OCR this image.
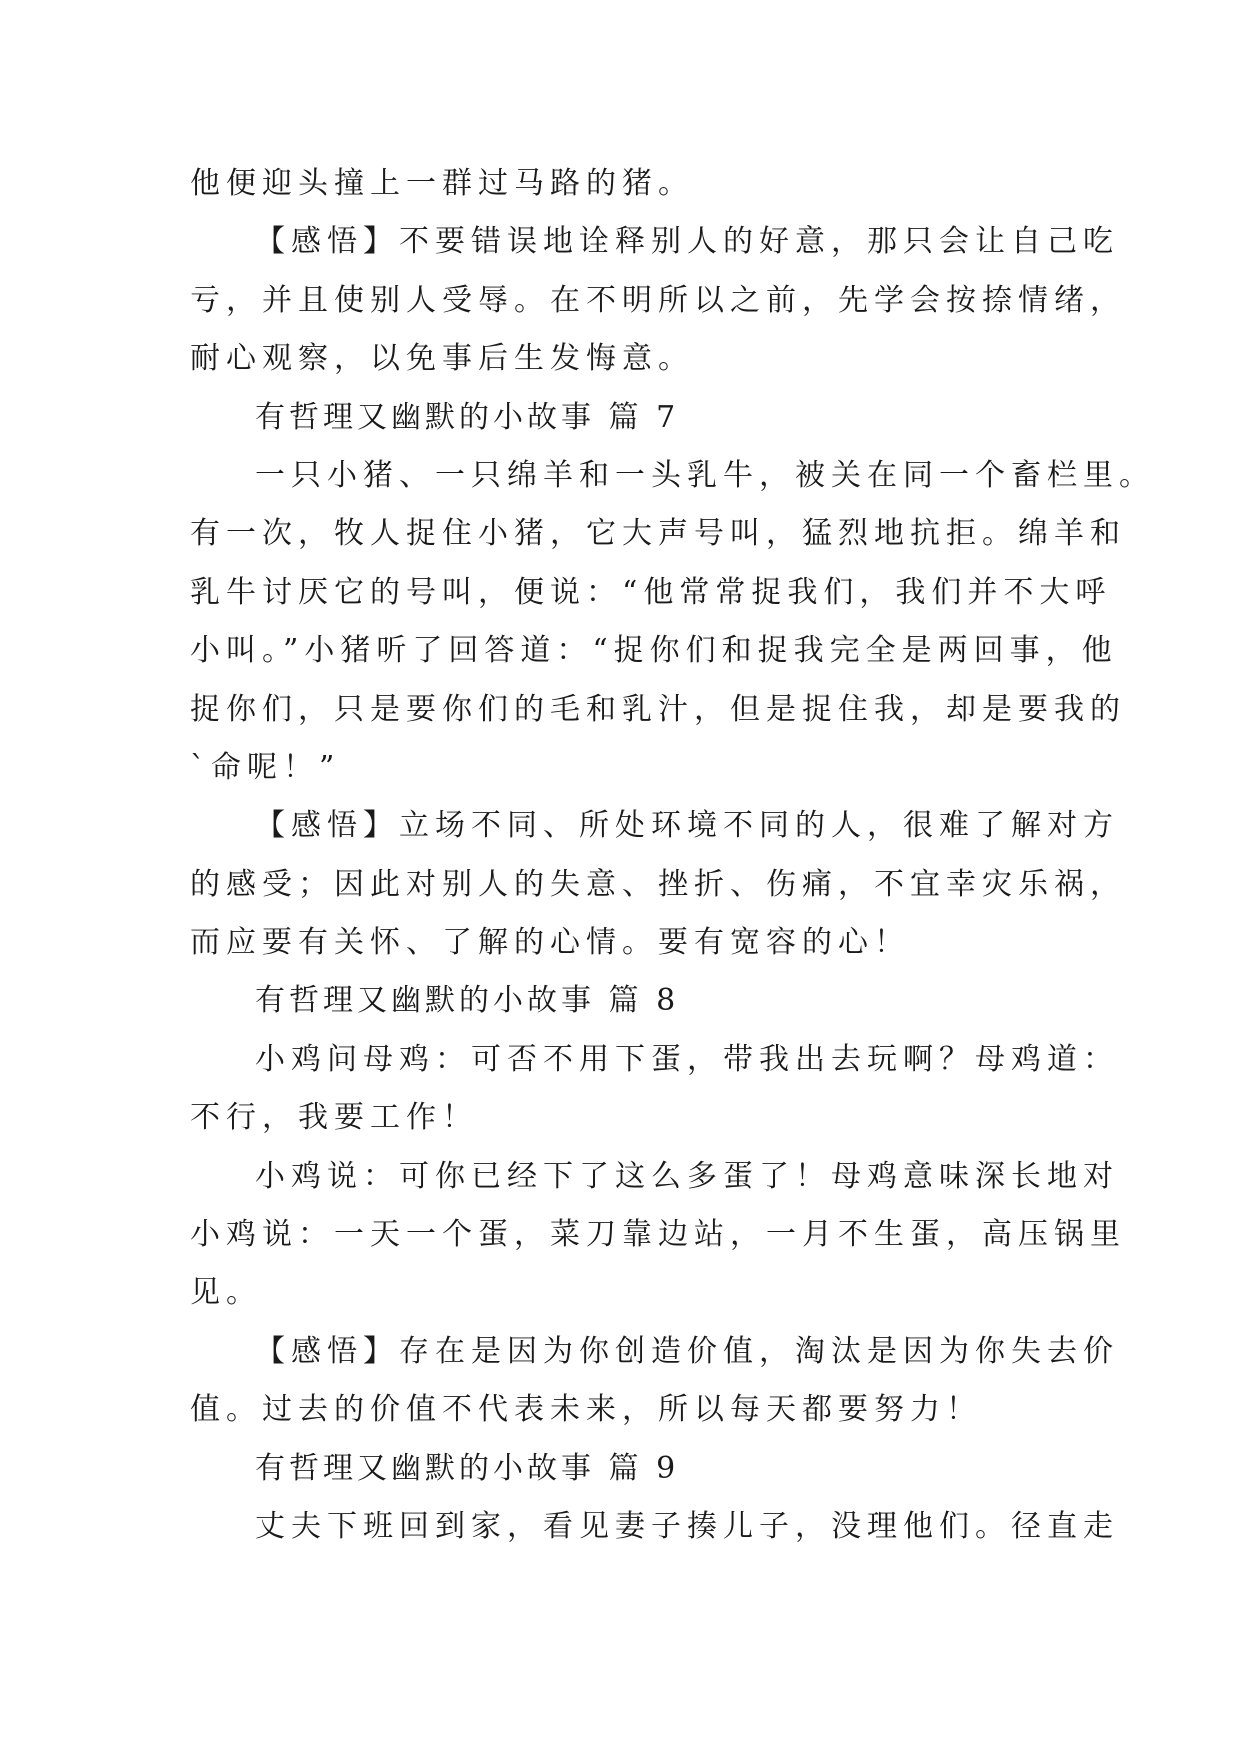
他便迎头撞上一群过马路的猪。
【感悟】不要错误地诠释别人的好意，那只会让自己吃
亏，并且使别人受辱。在不明所以之前，先学会按捺情绪，
耐心观察，以免事后生发悔意。
有哲理又幽默的小故事 篇 7
一只小猪、一只绵羊和一头乳牛，被关在同一个畜栏里。
有一次，牧人捉住小猪，它大声号叫，猛烈地抗拒。绵羊和
乳牛讨厌它的号叫，便说：“他常常捉我们，我们并不大呼
小叫。”小猪听了回答道：“捉你们和捉我完全是两回事，他
捉你们，只是要你们的毛和乳汁，但是捉住我，却是要我的
`命呢！”
【感悟】立场不同、所处环境不同的人，很难了解对方
的感受；因此对别人的失意、挫折、伤痛，不宜幸灾乐祸，
而应要有关怀、了解的心情。要有宽容的心！
有哲理又幽默的小故事 篇 8
小鸡问母鸡：可否不用下蛋，带我出去玩啊？母鸡道：
不行，我要工作！
小鸡说：可你已经下了这么多蛋了！母鸡意味深长地对
小鸡说：一天一个蛋，菜刀靠边站，一月不生蛋，高压锅里
见。
【感悟】存在是因为你创造价值，淘汰是因为你失去价
值。过去的价值不代表未来，所以每天都要努力！
有哲理又幽默的小故事 篇 9
丈夫下班回到家，看见妻子揍儿子，没理他们。径直走
